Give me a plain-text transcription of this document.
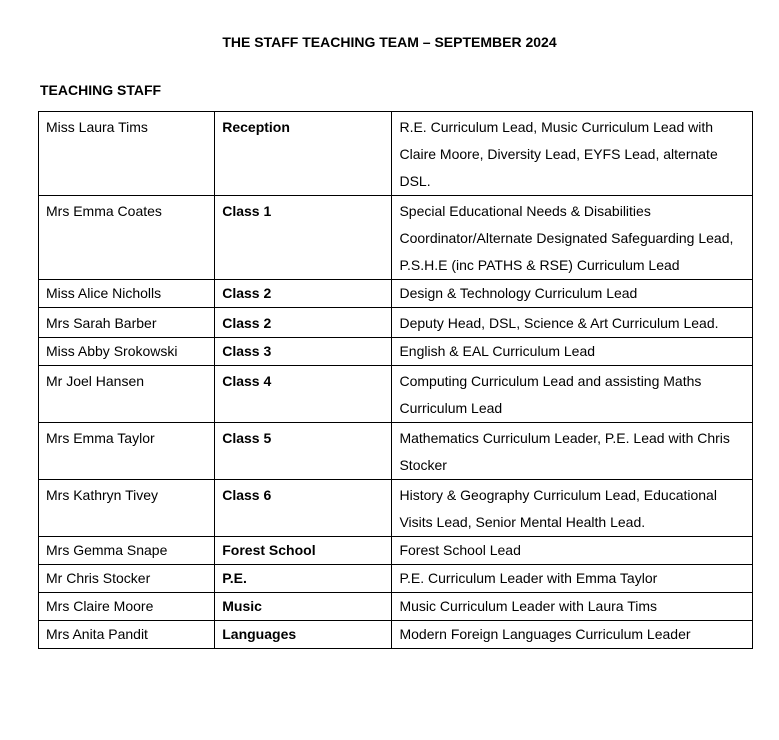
THE STAFF TEACHING TEAM – SEPTEMBER 2024
TEACHING STAFF
Miss Laura Tims	Reception	R.E. Curriculum Lead, Music Curriculum Lead with Claire Moore, Diversity Lead, EYFS Lead, alternate DSL.
Mrs Emma Coates	Class 1	Special Educational Needs & Disabilities Coordinator/Alternate Designated Safeguarding Lead, P.S.H.E (inc PATHS & RSE) Curriculum Lead
Miss Alice Nicholls	Class 2	Design & Technology Curriculum Lead
Mrs Sarah Barber	Class 2	Deputy Head, DSL, Science & Art Curriculum Lead.
Miss Abby Srokowski	Class 3	English & EAL Curriculum Lead
Mr Joel Hansen	Class 4	Computing Curriculum Lead and assisting Maths Curriculum Lead
Mrs Emma Taylor	Class 5	Mathematics Curriculum Leader, P.E. Lead with Chris Stocker
Mrs Kathryn Tivey	Class 6	History & Geography Curriculum Lead, Educational Visits Lead, Senior Mental Health Lead.
Mrs Gemma Snape	Forest School	Forest School Lead
Mr Chris Stocker	P.E.	P.E. Curriculum Leader with Emma Taylor
Mrs Claire Moore	Music	Music Curriculum Leader with Laura Tims
Mrs Anita Pandit	Languages	Modern Foreign Languages Curriculum Leader
